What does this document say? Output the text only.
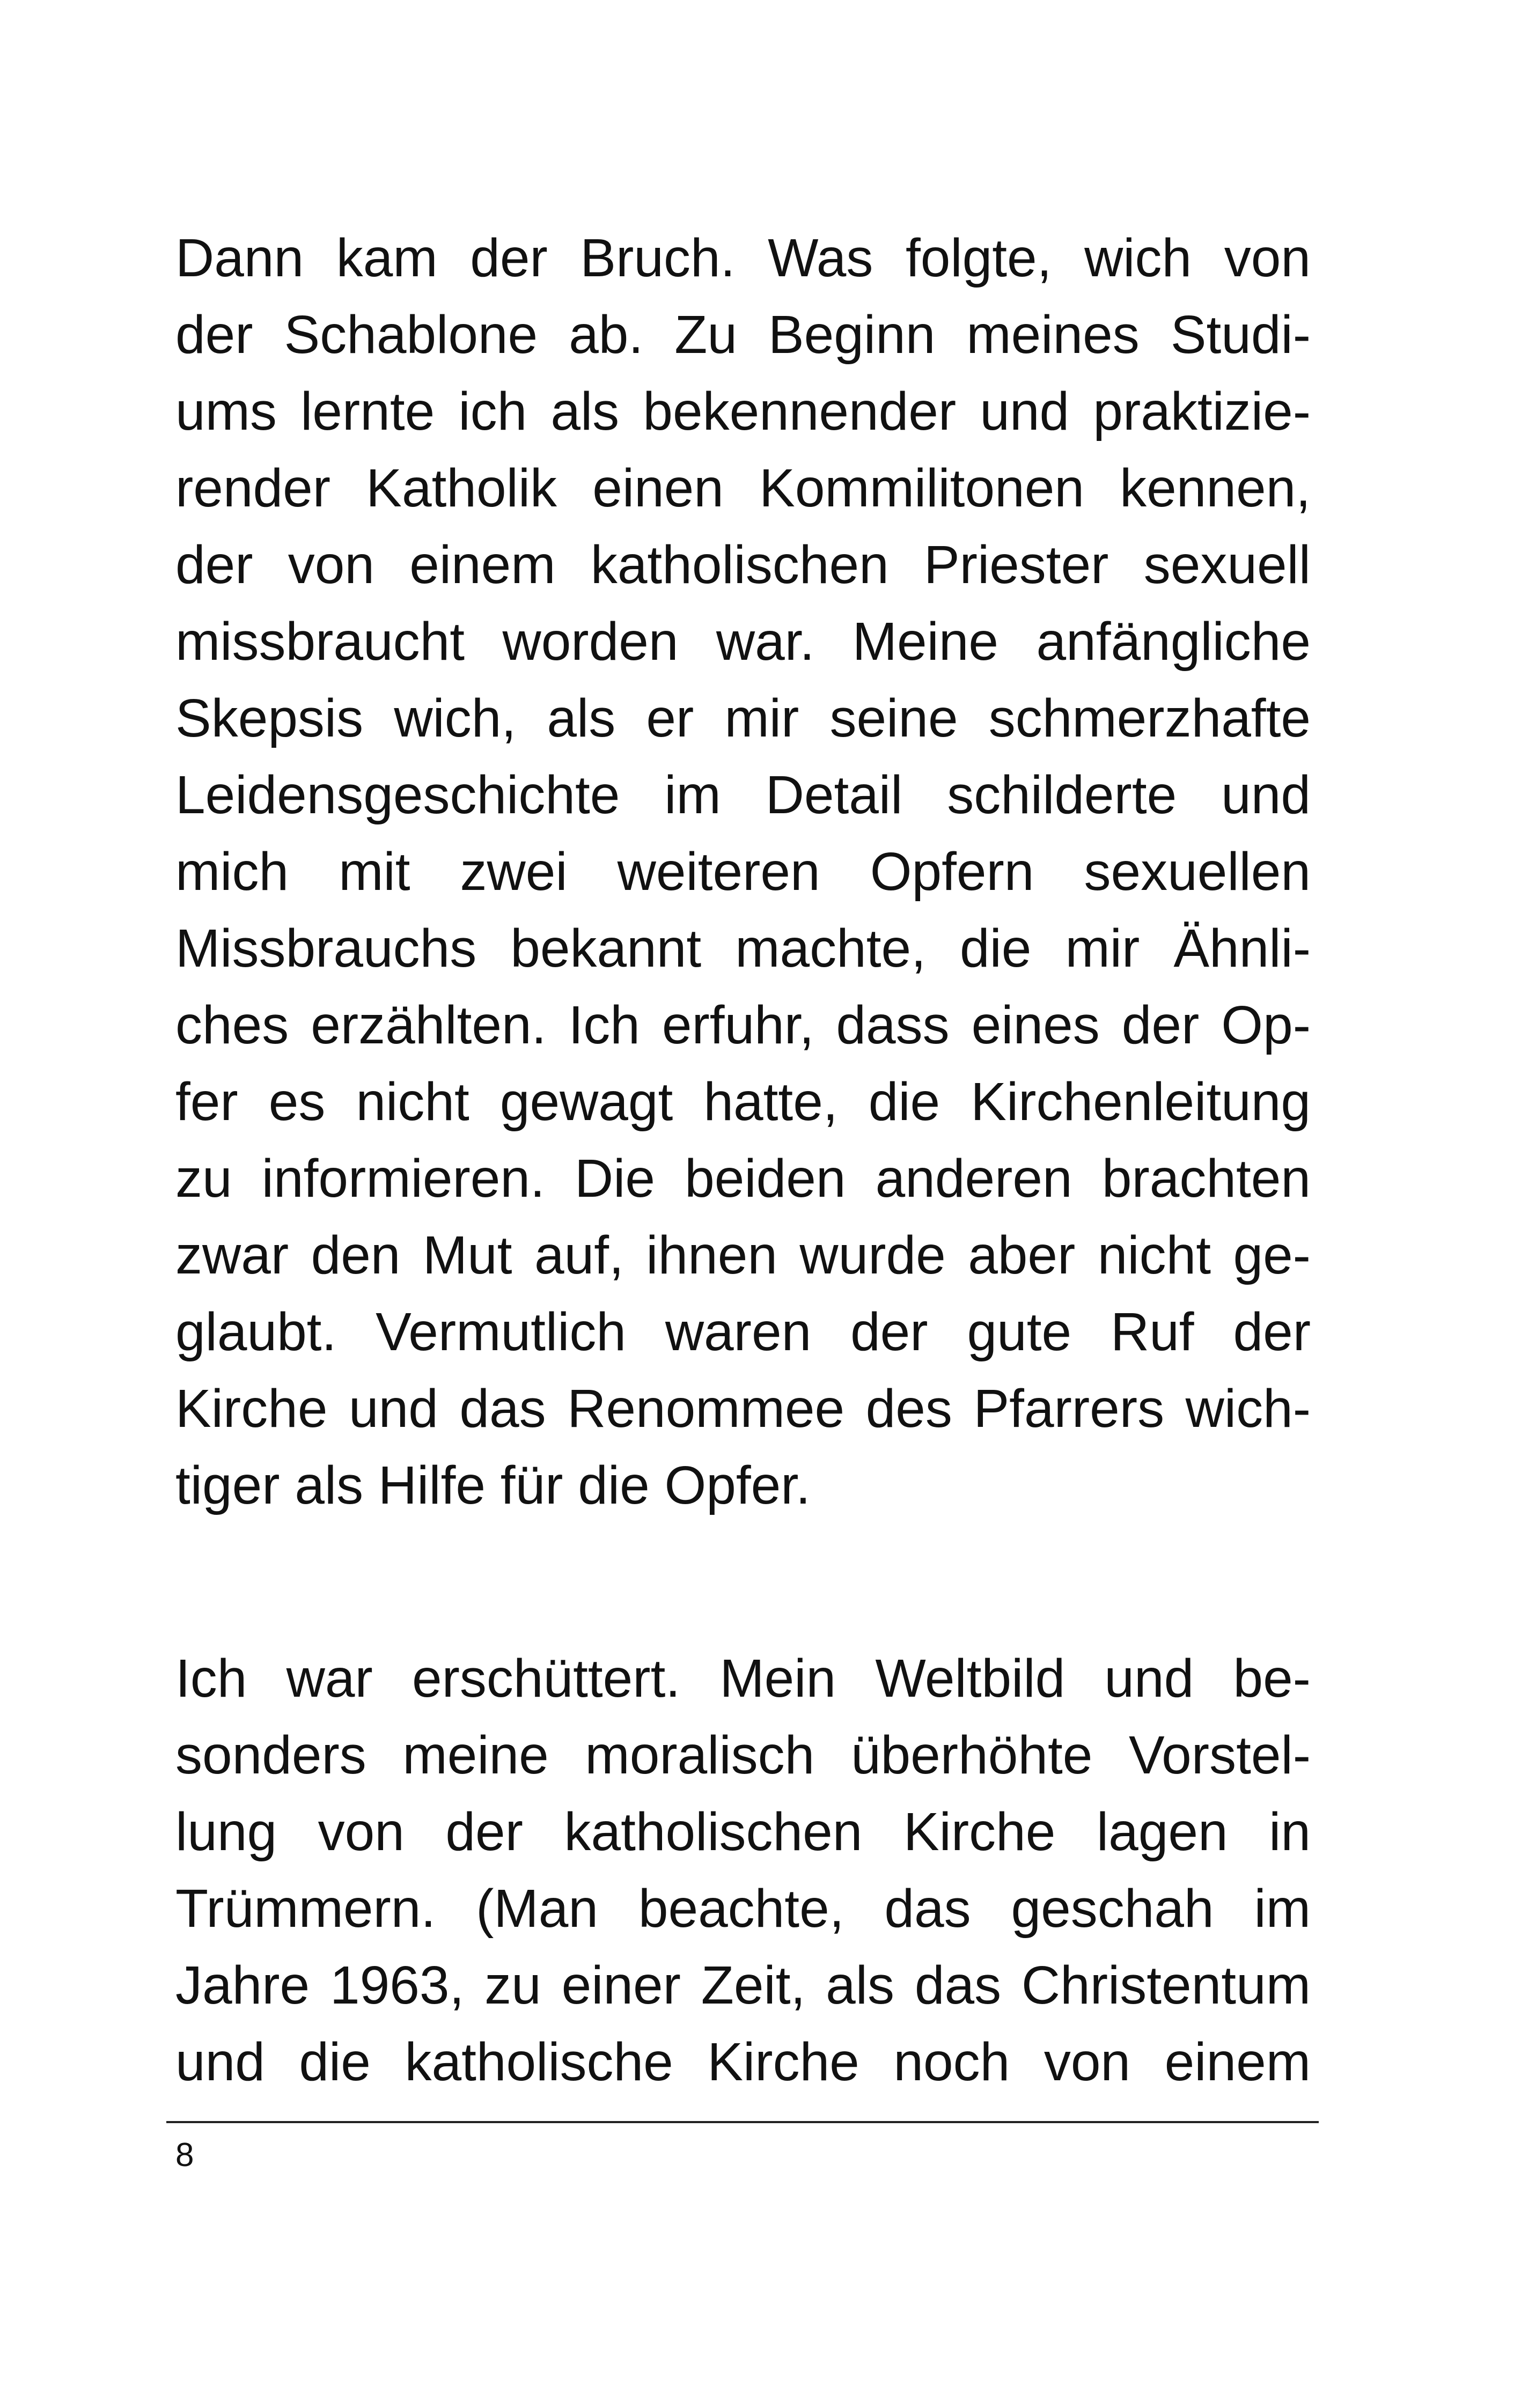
Dann kam der Bruch. Was folgte, wich von
der Schablone ab. Zu Beginn meines Studi-
ums lernte ich als bekennender und praktizie-
render Katholik einen Kommilitonen kennen,
der von einem katholischen Priester sexuell
missbraucht worden war. Meine anfängliche
Skepsis wich, als er mir seine schmerzhafte
Leidensgeschichte im Detail schilderte und
mich mit zwei weiteren Opfern sexuellen
Missbrauchs bekannt machte, die mir Ähnli-
ches erzählten. Ich erfuhr, dass eines der Op-
fer es nicht gewagt hatte, die Kirchenleitung
zu informieren. Die beiden anderen brachten
zwar den Mut auf, ihnen wurde aber nicht ge-
glaubt. Vermutlich waren der gute Ruf der
Kirche und das Renommee des Pfarrers wich-
tiger als Hilfe für die Opfer.
Ich war erschüttert. Mein Weltbild und be-
sonders meine moralisch überhöhte Vorstel-
lung von der katholischen Kirche lagen in
Trümmern. (Man beachte, das geschah im
Jahre 1963, zu einer Zeit, als das Christentum
und die katholische Kirche noch von einem
8
